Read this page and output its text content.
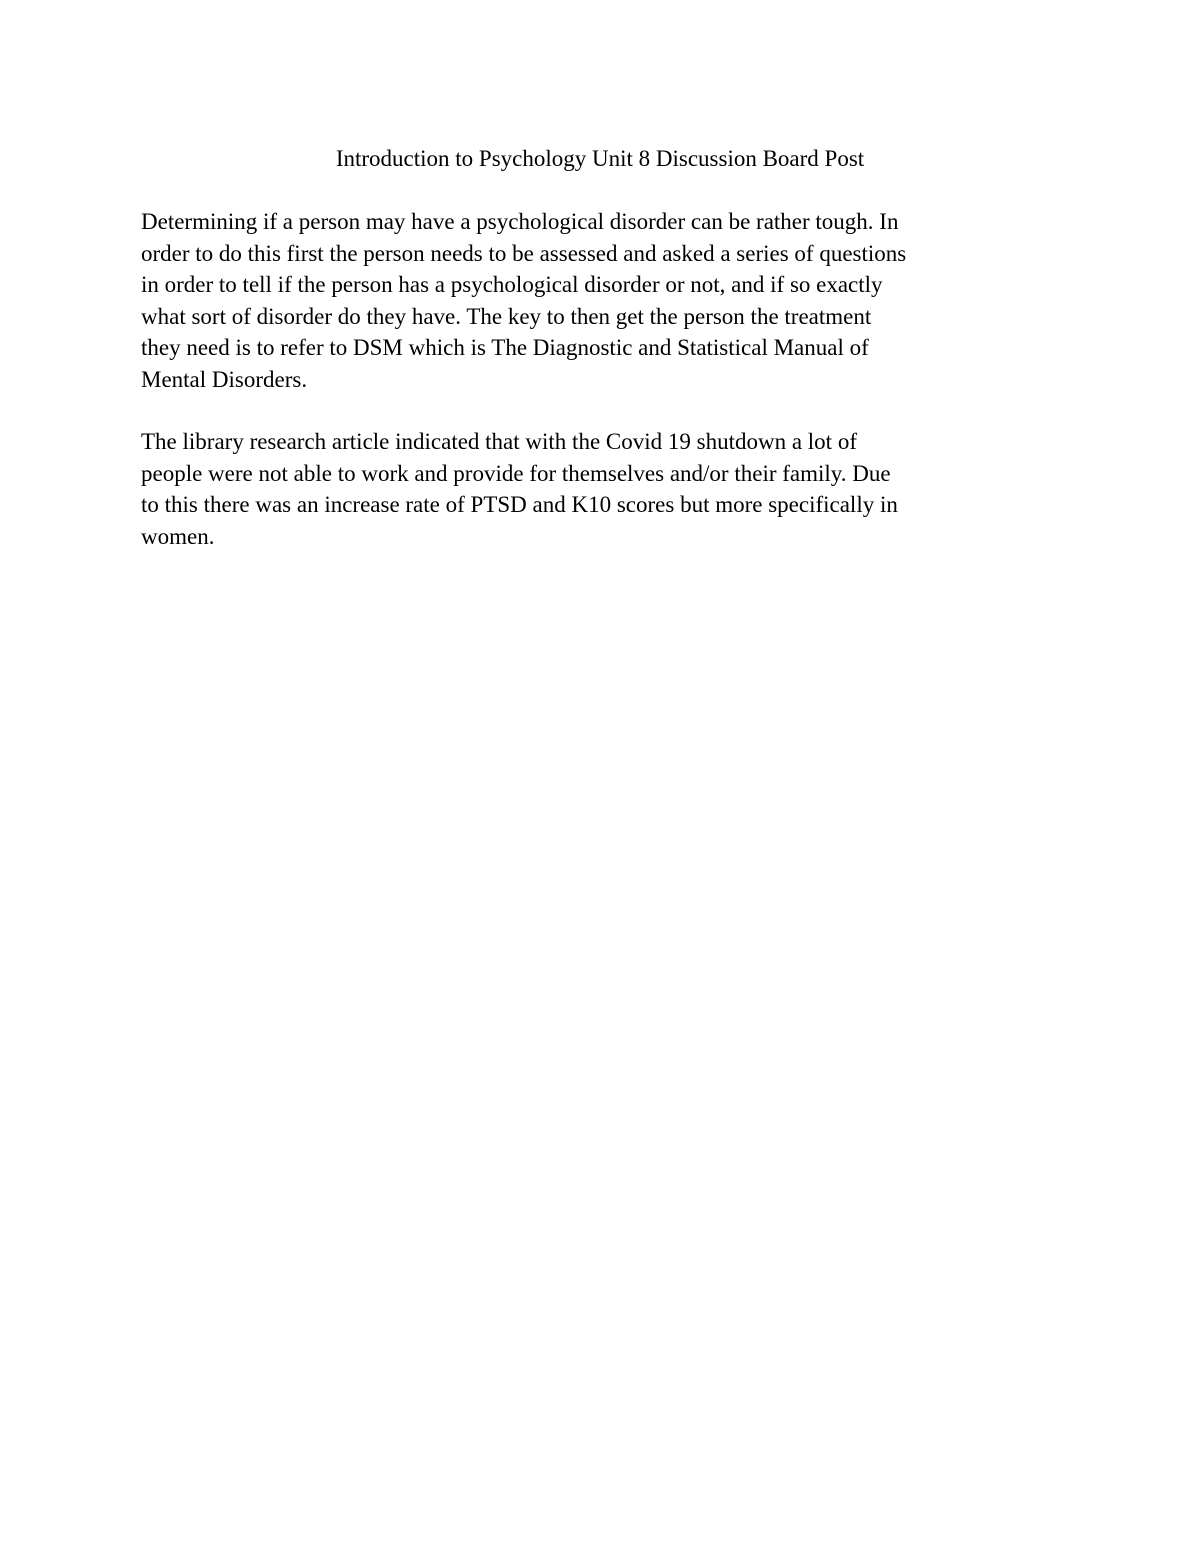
Introduction to Psychology Unit 8 Discussion Board Post
Determining if a person may have a psychological disorder can be rather tough. In
order to do this first the person needs to be assessed and asked a series of questions
in order to tell if the person has a psychological disorder or not, and if so exactly
what sort of disorder do they have. The key to then get the person the treatment
they need is to refer to DSM which is The Diagnostic and Statistical Manual of
Mental Disorders.
The library research article indicated that with the Covid 19 shutdown a lot of
people were not able to work and provide for themselves and/or their family. Due
to this there was an increase rate of PTSD and K10 scores but more specifically in
women.
